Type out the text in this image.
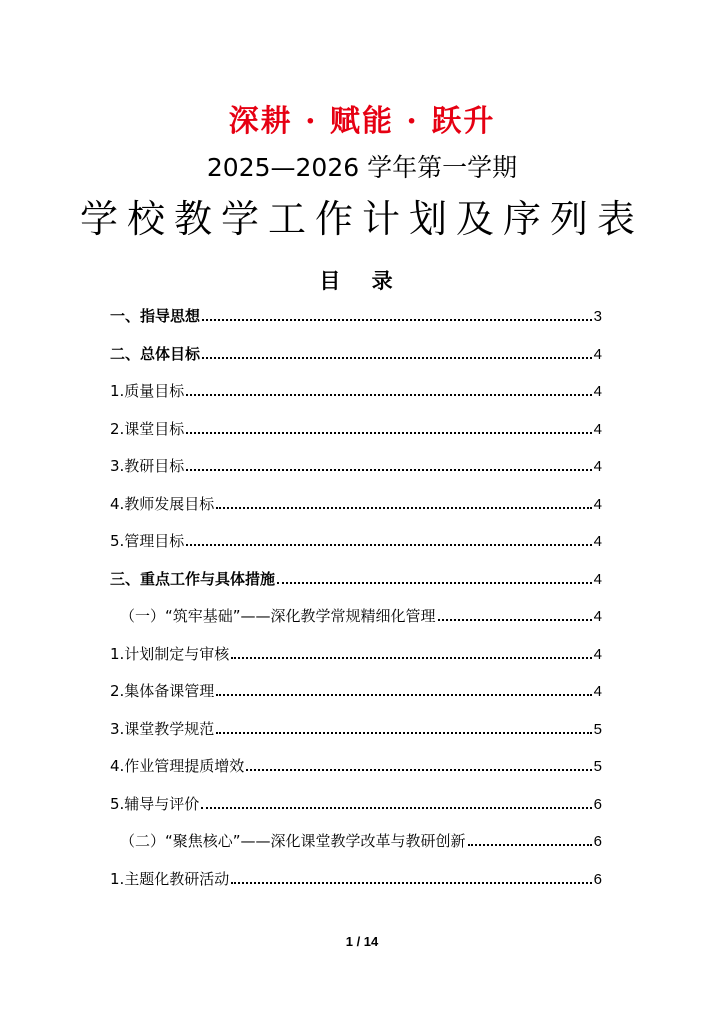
深耕 · 赋能 · 跃升
2025—2026 学年第一学期
学校教学工作计划及序列表
目 录
一、指导思想	3
二、总体目标	4
1.质量目标	4
2.课堂目标	4
3.教研目标	4
4.教师发展目标	4
5.管理目标	4
三、重点工作与具体措施	4
（一）“筑牢基础”——深化教学常规精细化管理	4
1.计划制定与审核	4
2.集体备课管理	4
3.课堂教学规范	5
4.作业管理提质增效	5
5.辅导与评价	6
（二）“聚焦核心”——深化课堂教学改革与教研创新	6
1.主题化教研活动	6
1 / 14
